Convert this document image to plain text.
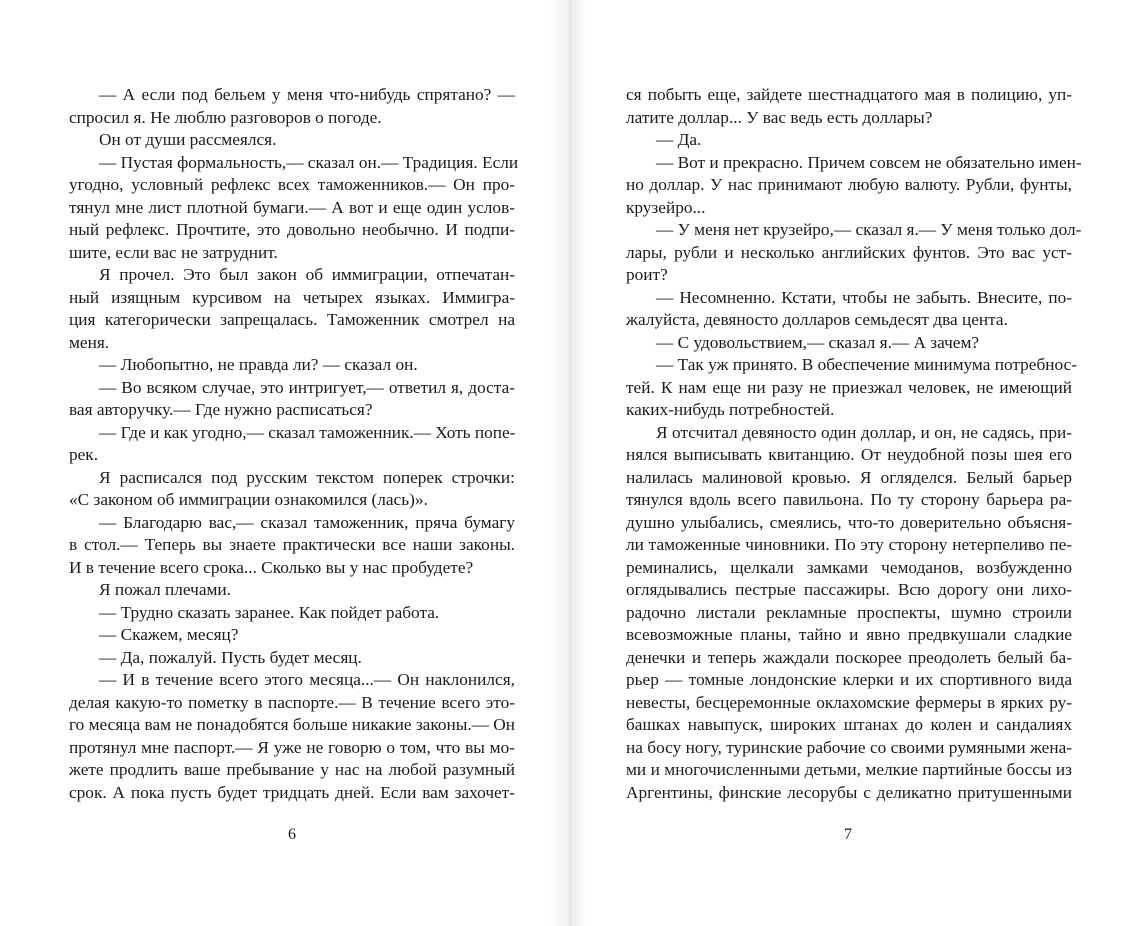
— А если под бельем у меня что-нибудь спрятано? —
спросил я. Не люблю разговоров о погоде.
Он от души рассмеялся.
— Пустая формальность,— сказал он.— Традиция. Если
угодно, условный рефлекс всех таможенников.— Он про-
тянул мне лист плотной бумаги.— А вот и еще один услов-
ный рефлекс. Прочтите, это довольно необычно. И подпи-
шите, если вас не затруднит.
Я прочел. Это был закон об иммиграции, отпечатан-
ный изящным курсивом на четырех языках. Иммигра-
ция категорически запрещалась. Таможенник смотрел на
меня.
— Любопытно, не правда ли? — сказал он.
— Во всяком случае, это интригует,— ответил я, доста-
вая авторучку.— Где нужно расписаться?
— Где и как угодно,— сказал таможенник.— Хоть попе-
рек.
Я расписался под русским текстом поперек строчки:
«С законом об иммиграции ознакомился (лась)».
— Благодарю вас,— сказал таможенник, пряча бумагу
в стол.— Теперь вы знаете практически все наши законы.
И в течение всего срока... Сколько вы у нас пробудете?
Я пожал плечами.
— Трудно сказать заранее. Как пойдет работа.
— Скажем, месяц?
— Да, пожалуй. Пусть будет месяц.
— И в течение всего этого месяца...— Он наклонился,
делая какую-то пометку в паспорте.— В течение всего это-
го месяца вам не понадобятся больше никакие законы.— Он
протянул мне паспорт.— Я уже не говорю о том, что вы мо-
жете продлить ваше пребывание у нас на любой разумный
срок. А пока пусть будет тридцать дней. Если вам захочет-
6
ся побыть еще, зайдете шестнадцатого мая в полицию, уп-
латите доллар... У вас ведь есть доллары?
— Да.
— Вот и прекрасно. Причем совсем не обязательно имен-
но доллар. У нас принимают любую валюту. Рубли, фунты,
крузейро...
— У меня нет крузейро,— сказал я.— У меня только дол-
лары, рубли и несколько английских фунтов. Это вас уст-
роит?
— Несомненно. Кстати, чтобы не забыть. Внесите, по-
жалуйста, девяносто долларов семьдесят два цента.
— С удовольствием,— сказал я.— А зачем?
— Так уж принято. В обеспечение минимума потребнос-
тей. К нам еще ни разу не приезжал человек, не имеющий
каких-нибудь потребностей.
Я отсчитал девяносто один доллар, и он, не садясь, при-
нялся выписывать квитанцию. От неудобной позы шея его
налилась малиновой кровью. Я огляделся. Белый барьер
тянулся вдоль всего павильона. По ту сторону барьера ра-
душно улыбались, смеялись, что-то доверительно объясня-
ли таможенные чиновники. По эту сторону нетерпеливо пе-
реминались, щелкали замками чемоданов, возбужденно
оглядывались пестрые пассажиры. Всю дорогу они лихо-
радочно листали рекламные проспекты, шумно строили
всевозможные планы, тайно и явно предвкушали сладкие
денечки и теперь жаждали поскорее преодолеть белый ба-
рьер — томные лондонские клерки и их спортивного вида
невесты, бесцеремонные оклахомские фермеры в ярких ру-
башках навыпуск, широких штанах до колен и сандалиях
на босу ногу, туринские рабочие со своими румяными жена-
ми и многочисленными детьми, мелкие партийные боссы из
Аргентины, финские лесорубы с деликатно притушенными
7
